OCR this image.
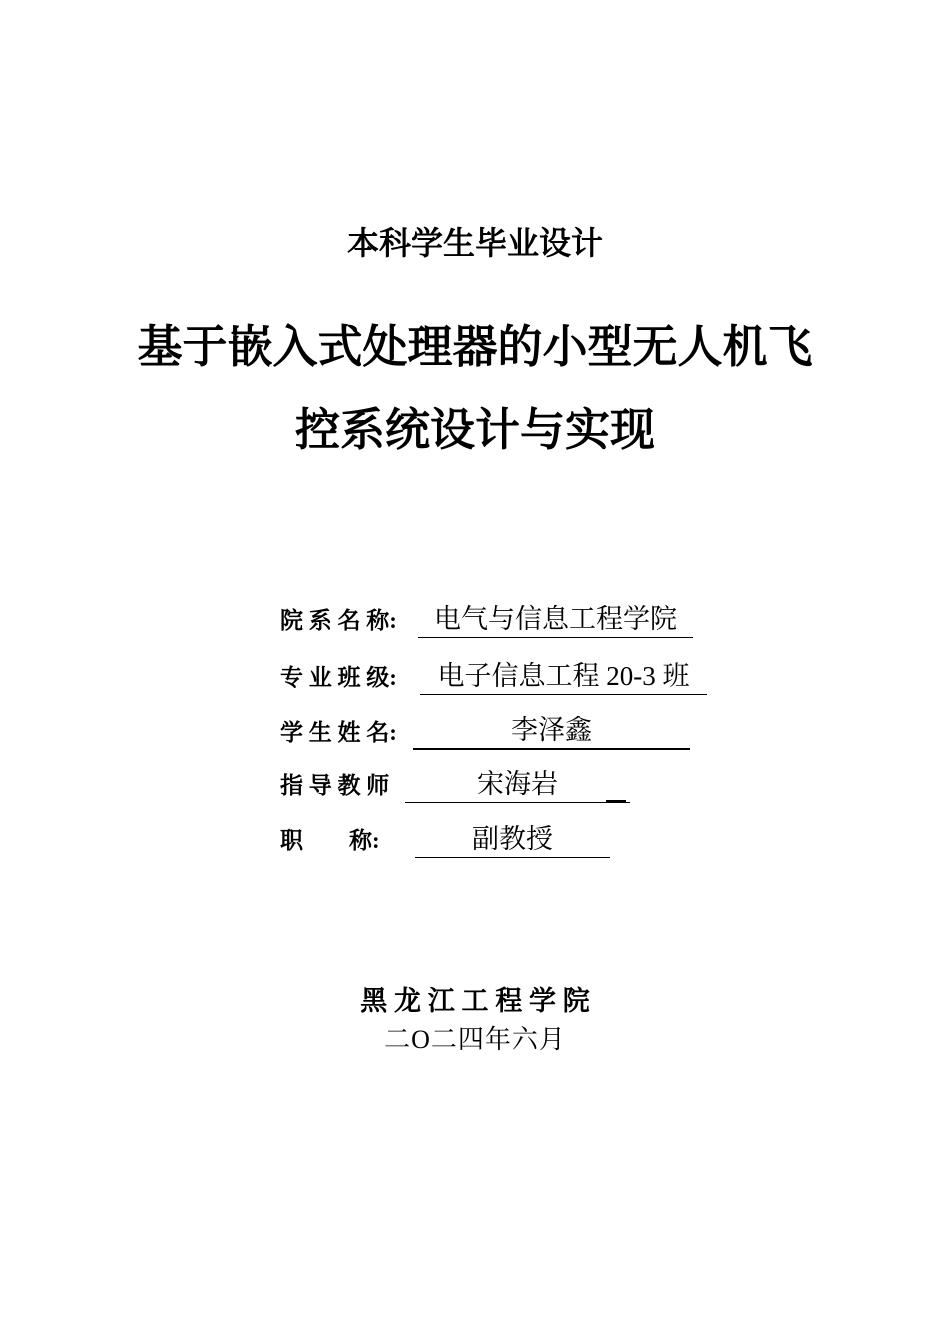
本科学生毕业设计
基于嵌入式处理器的小型无人机飞
控系统设计与实现
院 系 名 称:	电气与信息工程学院
专 业 班 级:	电子信息工程 20-3 班
学 生 姓 名:	李泽鑫
指 导 教 师	宋海岩
职　　称:	副教授
黑 龙 江 工 程 学 院
二O二四年六月
